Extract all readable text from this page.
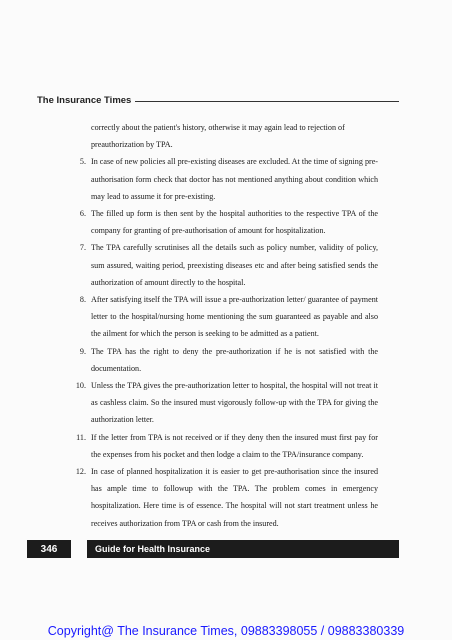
The Insurance Times

correctly about the patient's history, otherwise it may again lead to rejection of preauthorization by TPA.

5. In case of new policies all pre-existing diseases are excluded. At the time of signing pre-authorisation form check that doctor has not mentioned anything about condition which may lead to assume it for pre-existing.
6. The filled up form is then sent by the hospital authorities to the respective TPA of the company for granting of pre-authorisation of amount for hospitalization.
7. The TPA carefully scrutinises all the details such as policy number, validity of policy, sum assured, waiting period, preexisting diseases etc and after being satisfied sends the authorization of amount directly to the hospital.
8. After satisfying itself the TPA will issue a pre-authorization letter/ guarantee of payment letter to the hospital/nursing home mentioning the sum guaranteed as payable and also the ailment for which the person is seeking to be admitted as a patient.
9. The TPA has the right to deny the pre-authorization if he is not satisfied with the documentation.
10. Unless the TPA gives the pre-authorization letter to hospital, the hospital will not treat it as cashless claim. So the insured must vigorously follow-up with the TPA for giving the authorization letter.
11. If the letter from TPA is not received or if they deny then the insured must first pay for the expenses from his pocket and then lodge a claim to the TPA/insurance company.
12. In case of planned hospitalization it is easier to get pre-authorisation since the insured has ample time to followup with the TPA. The problem comes in emergency hospitalization. Here time is of essence. The hospital will not start treatment unless he receives authorization from TPA or cash from the insured.
346	Guide for Health Insurance
Copyright@ The Insurance Times, 09883398055 / 09883380339
